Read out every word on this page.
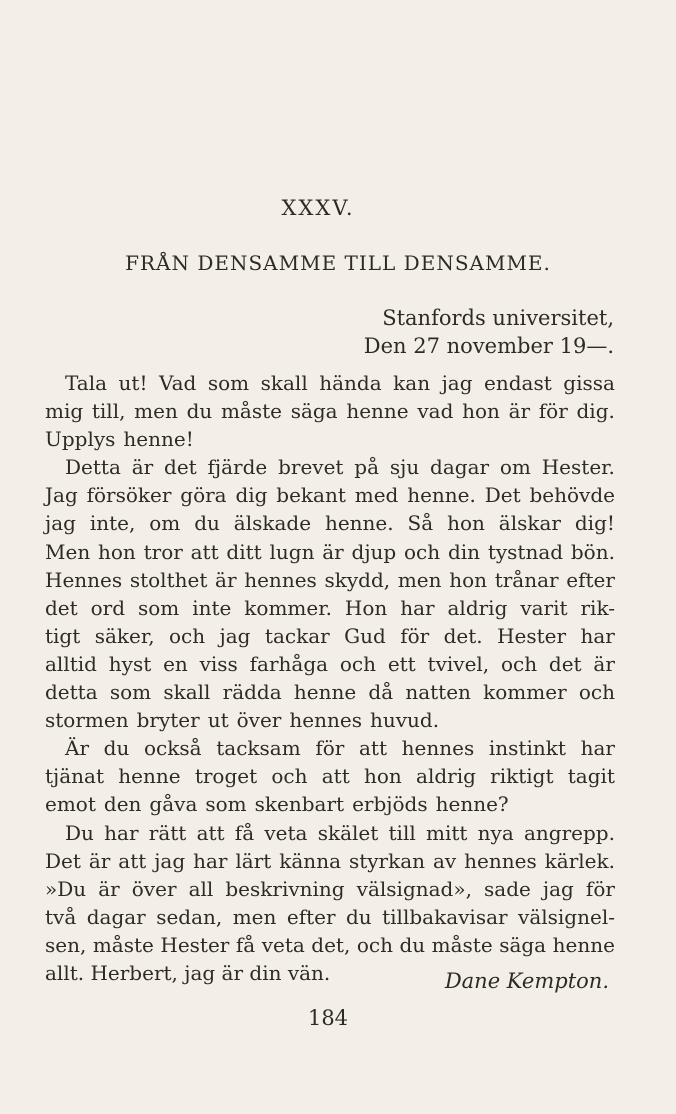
XXXV.
FRÅN DENSAMME TILL DENSAMME.
Stanfords universitet,
Den 27 november 19—.
Tala ut! Vad som skall hända kan jag endast gissa
mig till, men du måste säga henne vad hon är för dig.
Upplys henne!
Detta är det fjärde brevet på sju dagar om Hester.
Jag försöker göra dig bekant med henne. Det behövde
jag inte, om du älskade henne. Så hon älskar dig!
Men hon tror att ditt lugn är djup och din tystnad bön.
Hennes stolthet är hennes skydd, men hon trånar efter
det ord som inte kommer. Hon har aldrig varit rik-
tigt säker, och jag tackar Gud för det. Hester har
alltid hyst en viss farhåga och ett tvivel, och det är
detta som skall rädda henne då natten kommer och
stormen bryter ut över hennes huvud.
Är du också tacksam för att hennes instinkt har
tjänat henne troget och att hon aldrig riktigt tagit
emot den gåva som skenbart erbjöds henne?
Du har rätt att få veta skälet till mitt nya angrepp.
Det är att jag har lärt känna styrkan av hennes kärlek.
»Du är över all beskrivning välsignad», sade jag för
två dagar sedan, men efter du tillbakavisar välsignel-
sen, måste Hester få veta det, och du måste säga henne
allt. Herbert, jag är din vän.	Dane Kempton.
184
